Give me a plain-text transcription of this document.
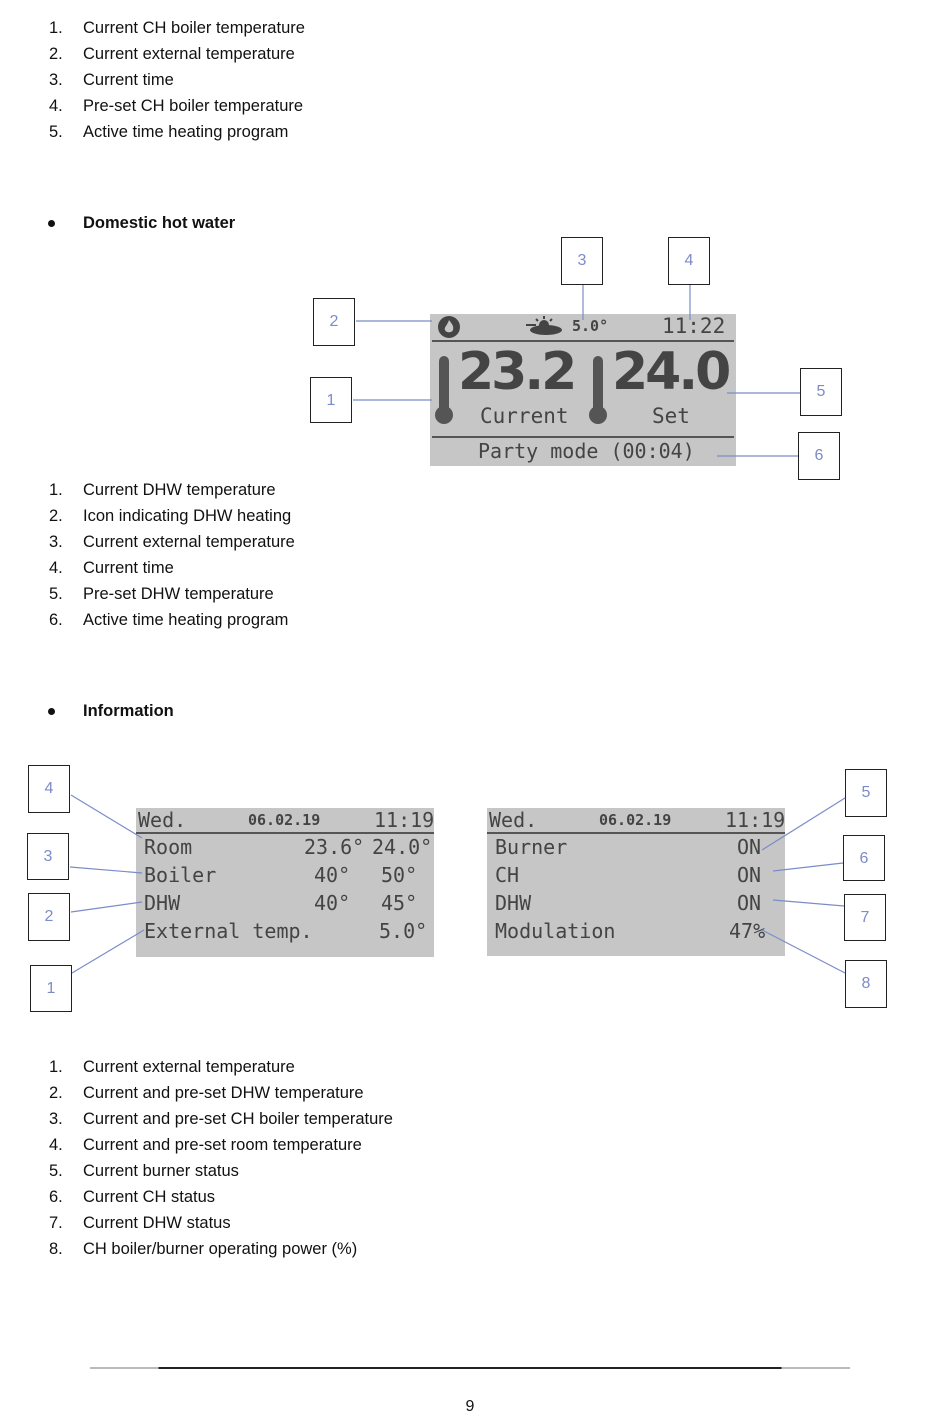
1.	Current CH boiler temperature
2.	Current external temperature
3.	Current time
4.	Pre-set CH boiler temperature
5.	Active time heating program
Domestic hot water
5.0°	11:22
23.2
Current
24.0
Set
Party mode (00:04)
1
2
3	4
5
6
1.	Current DHW temperature
2.	Icon indicating DHW heating
3.	Current external temperature
4.	Current time
5.	Pre-set DHW temperature
6.	Active time heating program
Information
Wed.	06.02.19	11:19
Room	23.6° 24.0°
Boiler	40° 50°
DHW	40° 45°
External temp.	5.0°
Wed.	06.02.19	11:19
Burner	ON
CH	ON
DHW	ON
Modulation	47%
1
2
3
4	5
6
7
8
1.	Current external temperature
2.	Current and pre-set DHW temperature
3.	Current and pre-set CH boiler temperature
4.	Current and pre-set room temperature
5.	Current burner status
6.	Current CH status
7.	Current DHW status
8.	CH boiler/burner operating power (%)
9
